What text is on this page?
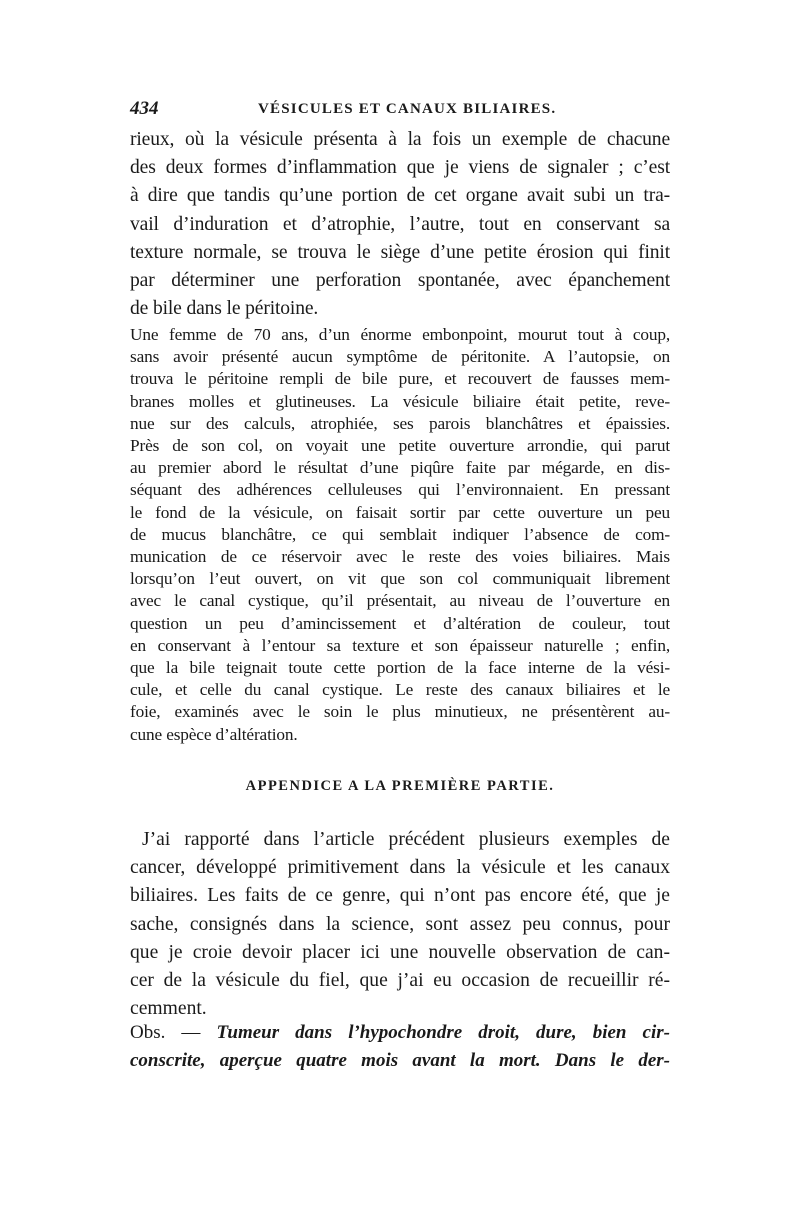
434	VÉSICULES ET CANAUX BILIAIRES.
rieux, où la vésicule présenta à la fois un exemple de chacune
des deux formes d’inflammation que je viens de signaler ; c’est
à dire que tandis qu’une portion de cet organe avait subi un tra-
vail d’induration et d’atrophie, l’autre, tout en conservant sa
texture normale, se trouva le siège d’une petite érosion qui finit
par déterminer une perforation spontanée, avec épanchement
de bile dans le péritoine.
Une femme de 70 ans, d’un énorme embonpoint, mourut tout à coup,
sans avoir présenté aucun symptôme de péritonite. A l’autopsie, on
trouva le péritoine rempli de bile pure, et recouvert de fausses mem-
branes molles et glutineuses. La vésicule biliaire était petite, reve-
nue sur des calculs, atrophiée, ses parois blanchâtres et épaissies.
Près de son col, on voyait une petite ouverture arrondie, qui parut
au premier abord le résultat d’une piqûre faite par mégarde, en dis-
séquant des adhérences celluleuses qui l’environnaient. En pressant
le fond de la vésicule, on faisait sortir par cette ouverture un peu
de mucus blanchâtre, ce qui semblait indiquer l’absence de com-
munication de ce réservoir avec le reste des voies biliaires. Mais
lorsqu’on l’eut ouvert, on vit que son col communiquait librement
avec le canal cystique, qu’il présentait, au niveau de l’ouverture en
question un peu d’amincissement et d’altération de couleur, tout
en conservant à l’entour sa texture et son épaisseur naturelle ; enfin,
que la bile teignait toute cette portion de la face interne de la vési-
cule, et celle du canal cystique. Le reste des canaux biliaires et le
foie, examinés avec le soin le plus minutieux, ne présentèrent au-
cune espèce d’altération.
APPENDICE A LA PREMIÈRE PARTIE.
J’ai rapporté dans l’article précédent plusieurs exemples de
cancer, développé primitivement dans la vésicule et les canaux
biliaires. Les faits de ce genre, qui n’ont pas encore été, que je
sache, consignés dans la science, sont assez peu connus, pour
que je croie devoir placer ici une nouvelle observation de can-
cer de la vésicule du fiel, que j’ai eu occasion de recueillir ré-
cemment.
Obs. — Tumeur dans l’hypochondre droit, dure, bien cir-
conscrite, aperçue quatre mois avant la mort. Dans le der-
